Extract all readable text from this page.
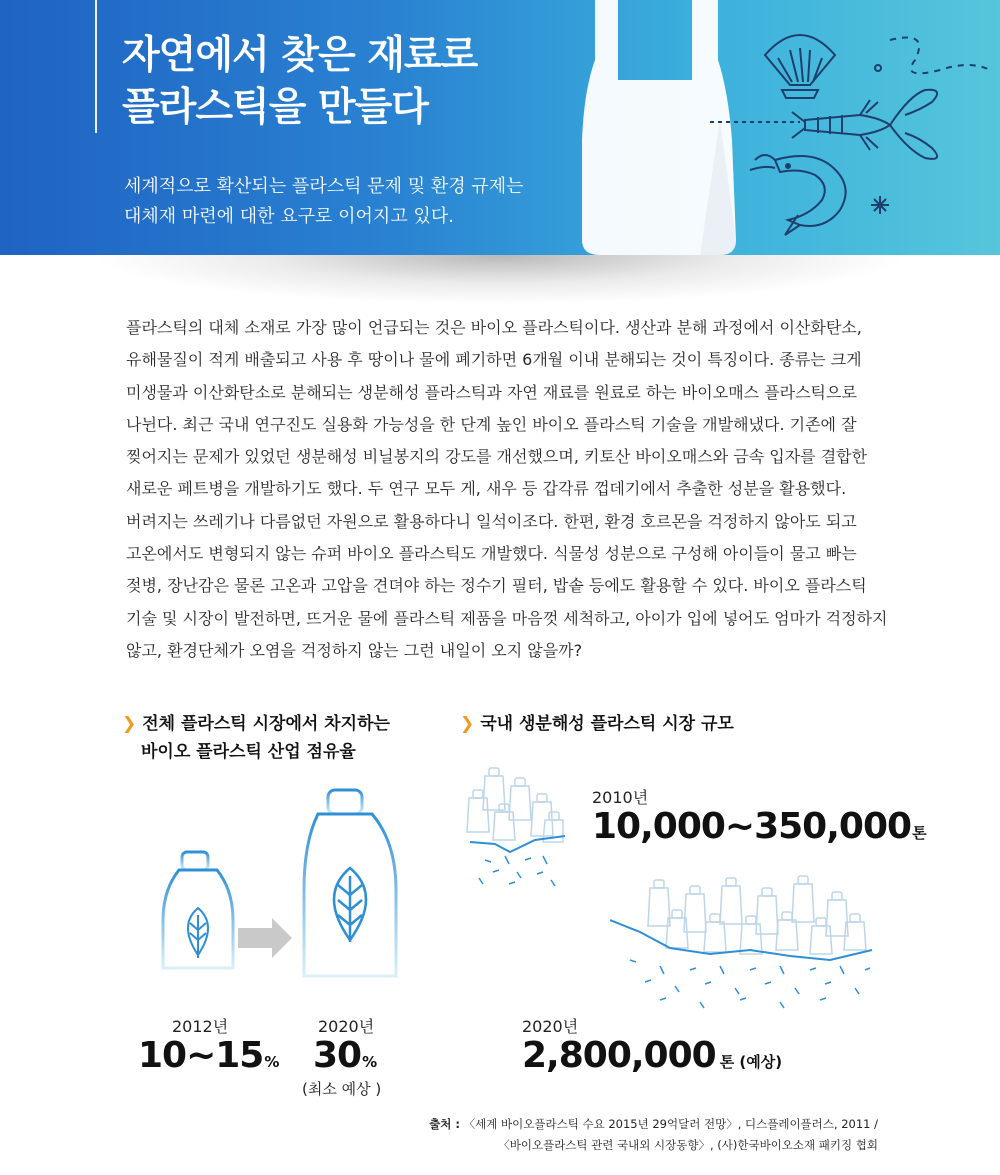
자연에서 찾은 재료로
플라스틱을 만들다
세계적으로 확산되는 플라스틱 문제 및 환경 규제는
대체재 마련에 대한 요구로 이어지고 있다.
플라스틱의 대체 소재로 가장 많이 언급되는 것은 바이오 플라스틱이다. 생산과 분해 과정에서 이산화탄소,
유해물질이 적게 배출되고 사용 후 땅이나 물에 폐기하면 6개월 이내 분해되는 것이 특징이다. 종류는 크게
미생물과 이산화탄소로 분해되는 생분해성 플라스틱과 자연 재료를 원료로 하는 바이오매스 플라스틱으로
나뉜다. 최근 국내 연구진도 실용화 가능성을 한 단계 높인 바이오 플라스틱 기술을 개발해냈다. 기존에 잘
찢어지는 문제가 있었던 생분해성 비닐봉지의 강도를 개선했으며, 키토산 바이오매스와 금속 입자를 결합한
새로운 페트병을 개발하기도 했다. 두 연구 모두 게, 새우 등 갑각류 껍데기에서 추출한 성분을 활용했다.
버려지는 쓰레기나 다름없던 자원으로 활용하다니 일석이조다. 한편, 환경 호르몬을 걱정하지 않아도 되고
고온에서도 변형되지 않는 슈퍼 바이오 플라스틱도 개발했다. 식물성 성분으로 구성해 아이들이 물고 빠는
젖병, 장난감은 물론 고온과 고압을 견뎌야 하는 정수기 필터, 밥솥 등에도 활용할 수 있다. 바이오 플라스틱
기술 및 시장이 발전하면, 뜨거운 물에 플라스틱 제품을 마음껏 세척하고, 아이가 입에 넣어도 엄마가 걱정하지
않고, 환경단체가 오염을 걱정하지 않는 그런 내일이 오지 않을까?
❯ 전체 플라스틱 시장에서 차지하는
바이오 플라스틱 산업 점유율
2012년
10~15%
2020년
30%
(최소 예상 )
❯ 국내 생분해성 플라스틱 시장 규모
2010년
10,000~350,000톤
2020년
2,800,000 톤 (예상)
출처 : 〈세계 바이오플라스틱 수요 2015년 29억달러 전망〉, 디스플레이플러스, 2011 /
〈바이오플라스틱 관련 국내외 시장동향〉, (사)한국바이오소재 패키징 협회
